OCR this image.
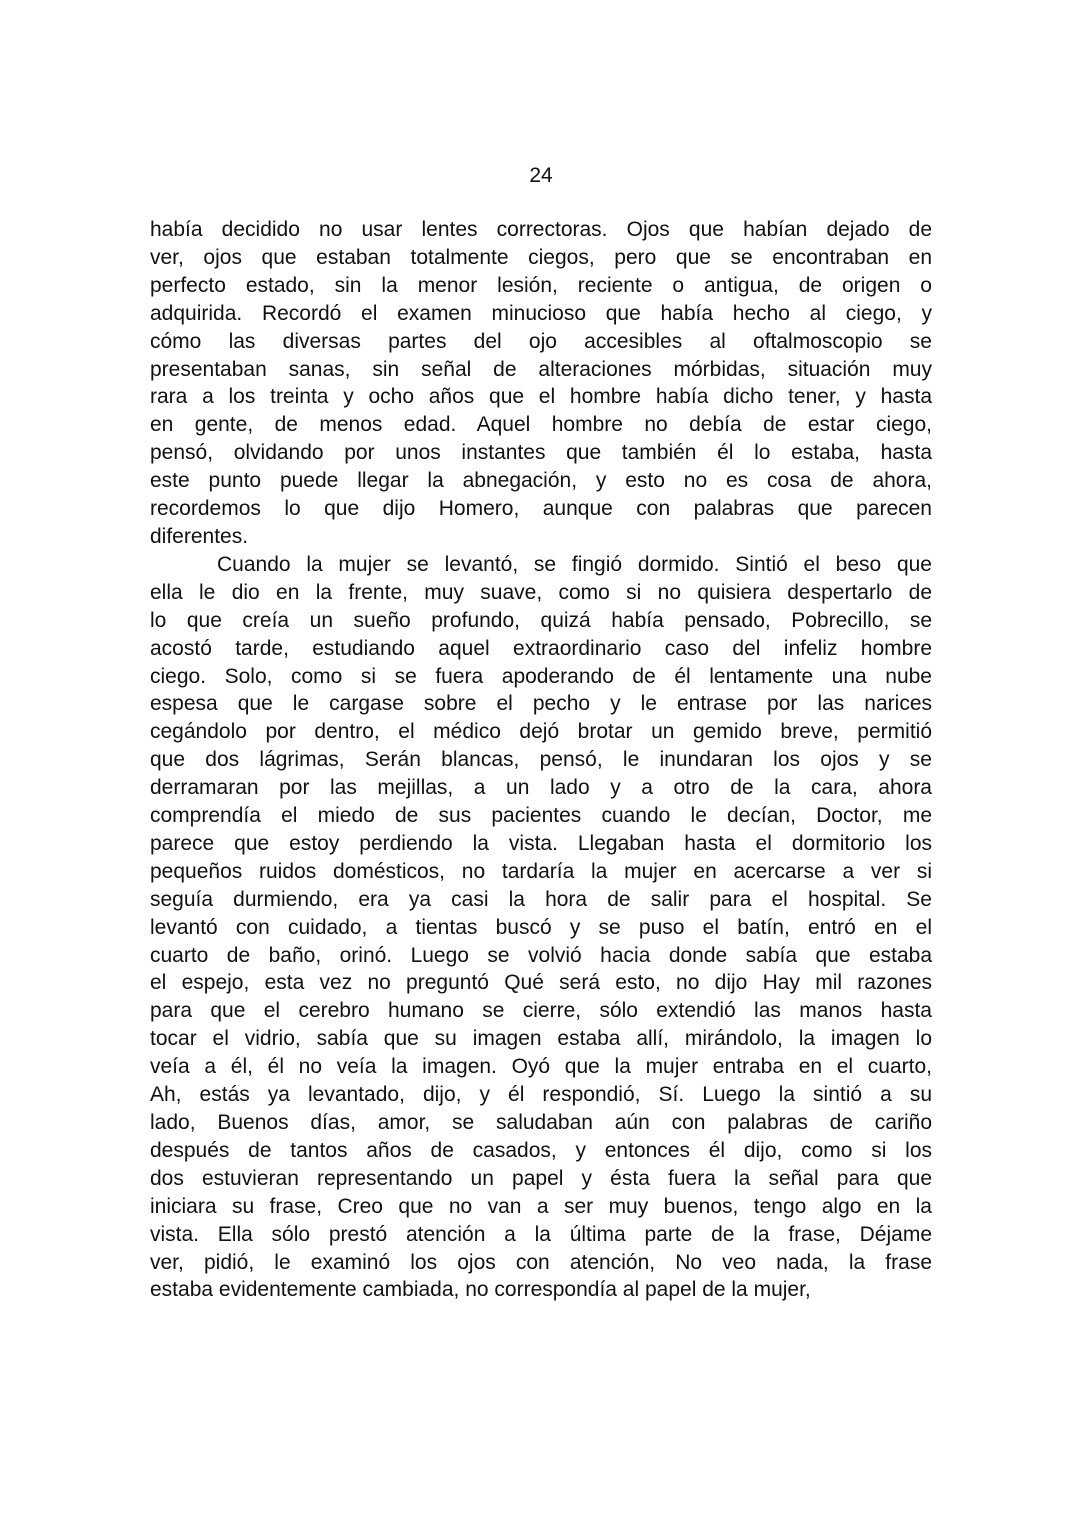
24
había decidido no usar lentes correctoras. Ojos que habían dejado de
ver, ojos que estaban totalmente ciegos, pero que se encontraban en
perfecto estado, sin la menor lesión, reciente o antigua, de origen o
adquirida. Recordó el examen minucioso que había hecho al ciego, y
cómo las diversas partes del ojo accesibles al oftalmoscopio se
presentaban sanas, sin señal de alteraciones mórbidas, situación muy
rara a los treinta y ocho años que el hombre había dicho tener, y hasta
en gente, de menos edad. Aquel hombre no debía de estar ciego,
pensó, olvidando por unos instantes que también él lo estaba, hasta
este punto puede llegar la abnegación, y esto no es cosa de ahora,
recordemos lo que dijo Homero, aunque con palabras que parecen
diferentes.
Cuando la mujer se levantó, se fingió dormido. Sintió el beso que
ella le dio en la frente, muy suave, como si no quisiera despertarlo de
lo que creía un sueño profundo, quizá había pensado, Pobrecillo, se
acostó tarde, estudiando aquel extraordinario caso del infeliz hombre
ciego. Solo, como si se fuera apoderando de él lentamente una nube
espesa que le cargase sobre el pecho y le entrase por las narices
cegándolo por dentro, el médico dejó brotar un gemido breve, permitió
que dos lágrimas, Serán blancas, pensó, le inundaran los ojos y se
derramaran por las mejillas, a un lado y a otro de la cara, ahora
comprendía el miedo de sus pacientes cuando le decían, Doctor, me
parece que estoy perdiendo la vista. Llegaban hasta el dormitorio los
pequeños ruidos domésticos, no tardaría la mujer en acercarse a ver si
seguía durmiendo, era ya casi la hora de salir para el hospital. Se
levantó con cuidado, a tientas buscó y se puso el batín, entró en el
cuarto de baño, orinó. Luego se volvió hacia donde sabía que estaba
el espejo, esta vez no preguntó Qué será esto, no dijo Hay mil razones
para que el cerebro humano se cierre, sólo extendió las manos hasta
tocar el vidrio, sabía que su imagen estaba allí, mirándolo, la imagen lo
veía a él, él no veía la imagen. Oyó que la mujer entraba en el cuarto,
Ah, estás ya levantado, dijo, y él respondió, Sí. Luego la sintió a su
lado, Buenos días, amor, se saludaban aún con palabras de cariño
después de tantos años de casados, y entonces él dijo, como si los
dos estuvieran representando un papel y ésta fuera la señal para que
iniciara su frase, Creo que no van a ser muy buenos, tengo algo en la
vista. Ella sólo prestó atención a la última parte de la frase, Déjame
ver, pidió, le examinó los ojos con atención, No veo nada, la frase
estaba evidentemente cambiada, no correspondía al papel de la mujer,
